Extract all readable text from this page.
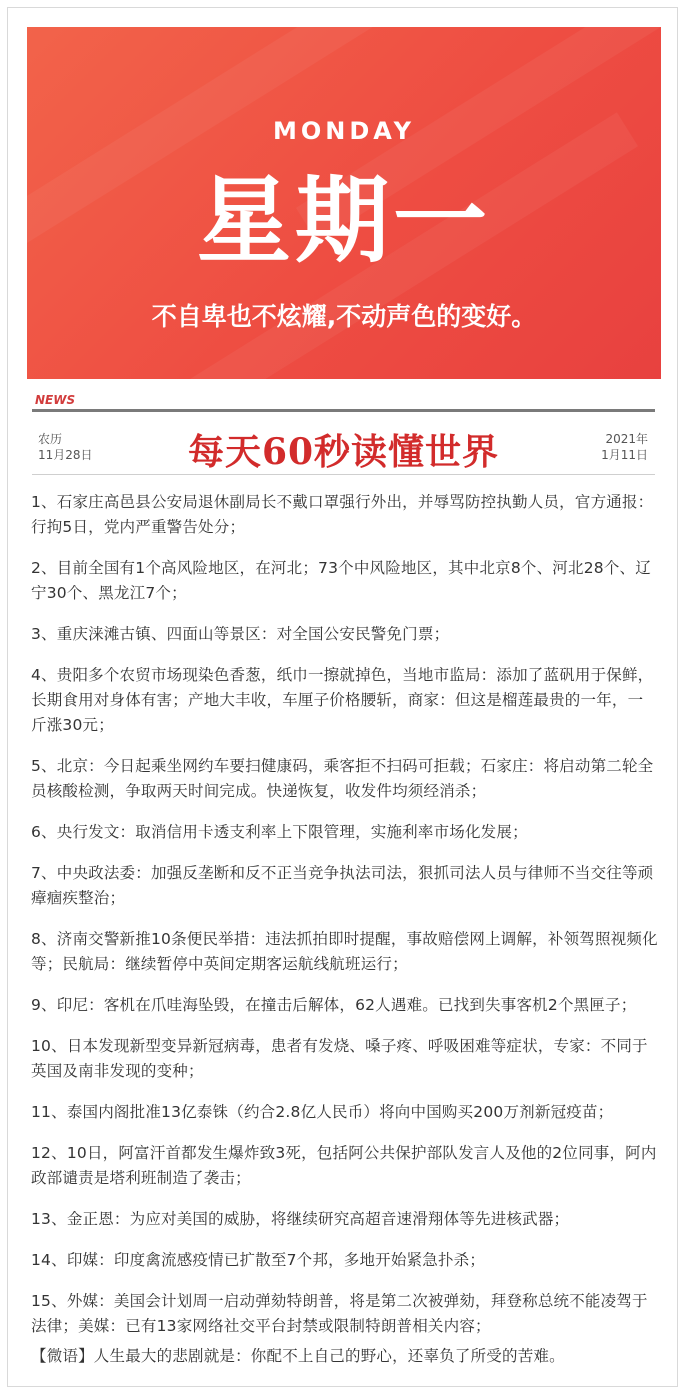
MONDAY
星期一
不自卑也不炫耀,不动声色的变好。
NEWS
农历
11月28日	每天60秒读懂世界	2021年
1月11日
1、石家庄高邑县公安局退休副局长不戴口罩强行外出，并辱骂防控执勤人员，官方通报：行拘5日，党内严重警告处分；
2、目前全国有1个高风险地区，在河北；73个中风险地区，其中北京8个、河北28个、辽宁30个、黑龙江7个；
3、重庆涞滩古镇、四面山等景区：对全国公安民警免门票；
4、贵阳多个农贸市场现染色香葱，纸巾一擦就掉色，当地市监局：添加了蓝矾用于保鲜，长期食用对身体有害；产地大丰收，车厘子价格腰斩，商家：但这是榴莲最贵的一年，一斤涨30元；
5、北京：今日起乘坐网约车要扫健康码，乘客拒不扫码可拒载；石家庄：将启动第二轮全员核酸检测，争取两天时间完成。快递恢复，收发件均须经消杀；
6、央行发文：取消信用卡透支利率上下限管理，实施利率市场化发展；
7、中央政法委：加强反垄断和反不正当竞争执法司法，狠抓司法人员与律师不当交往等顽瘴痼疾整治；
8、济南交警新推10条便民举措：违法抓拍即时提醒，事故赔偿网上调解，补领驾照视频化等；民航局：继续暂停中英间定期客运航线航班运行；
9、印尼：客机在爪哇海坠毁，在撞击后解体，62人遇难。已找到失事客机2个黑匣子；
10、日本发现新型变异新冠病毒，患者有发烧、嗓子疼、呼吸困难等症状，专家：不同于英国及南非发现的变种；
11、泰国内阁批准13亿泰铢（约合2.8亿人民币）将向中国购买200万剂新冠疫苗；
12、10日，阿富汗首都发生爆炸致3死，包括阿公共保护部队发言人及他的2位同事，阿内政部谴责是塔利班制造了袭击；
13、金正恩：为应对美国的威胁，将继续研究高超音速滑翔体等先进核武器；
14、印媒：印度禽流感疫情已扩散至7个邦，多地开始紧急扑杀；
15、外媒：美国会计划周一启动弹劾特朗普，将是第二次被弹劾，拜登称总统不能凌驾于法律；美媒：已有13家网络社交平台封禁或限制特朗普相关内容；
【微语】人生最大的悲剧就是：你配不上自己的野心，还辜负了所受的苦难。
